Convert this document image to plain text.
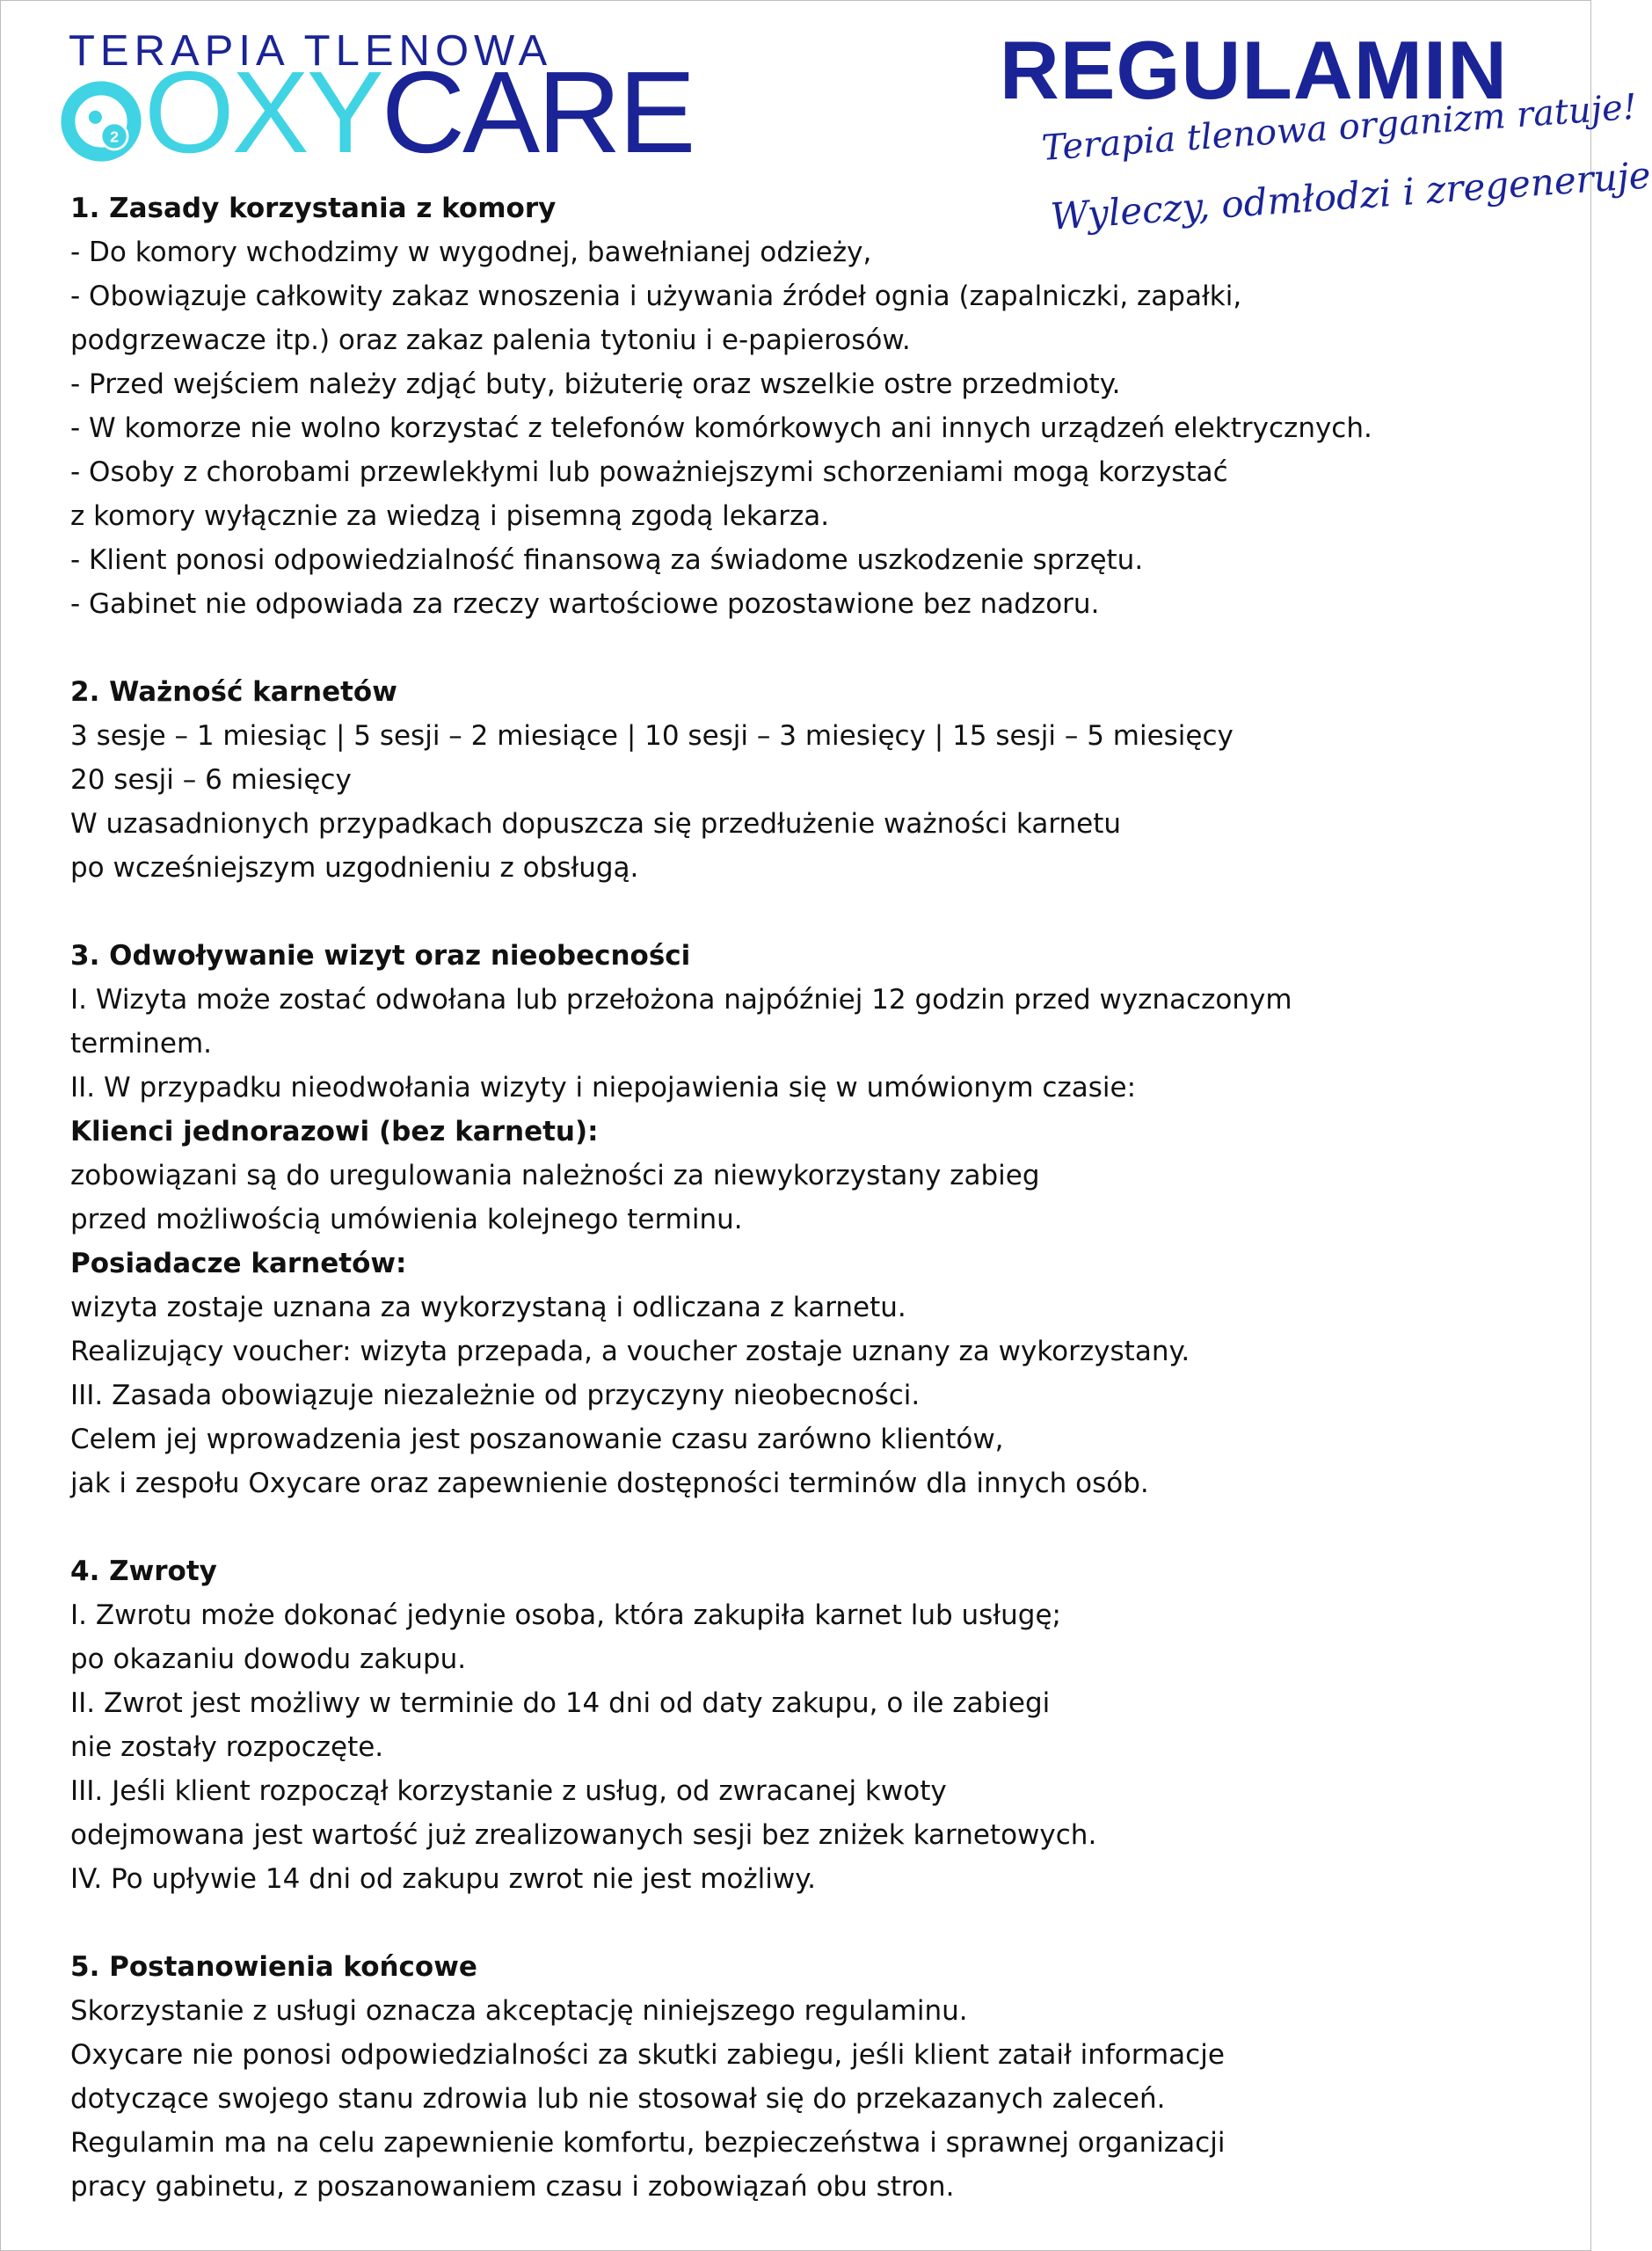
TERAPIA TLENOWA
2 OXY CARE	REGULAMIN
Terapia tlenowa organizm ratuje!
Wyleczy, odmłodzi i zregeneruje
1. Zasady korzystania z komory
- Do komory wchodzimy w wygodnej, bawełnianej odzieży,
- Obowiązuje całkowity zakaz wnoszenia i używania źródeł ognia (zapalniczki, zapałki,
podgrzewacze itp.) oraz zakaz palenia tytoniu i e-papierosów.
- Przed wejściem należy zdjąć buty, biżuterię oraz wszelkie ostre przedmioty.
- W komorze nie wolno korzystać z telefonów komórkowych ani innych urządzeń elektrycznych.
- Osoby z chorobami przewlekłymi lub poważniejszymi schorzeniami mogą korzystać
z komory wyłącznie za wiedzą i pisemną zgodą lekarza.
- Klient ponosi odpowiedzialność finansową za świadome uszkodzenie sprzętu.
- Gabinet nie odpowiada za rzeczy wartościowe pozostawione bez nadzoru.
2. Ważność karnetów
3 sesje – 1 miesiąc | 5 sesji – 2 miesiące | 10 sesji – 3 miesięcy | 15 sesji – 5 miesięcy
20 sesji – 6 miesięcy
W uzasadnionych przypadkach dopuszcza się przedłużenie ważności karnetu
po wcześniejszym uzgodnieniu z obsługą.
3. Odwoływanie wizyt oraz nieobecności
I. Wizyta może zostać odwołana lub przełożona najpóźniej 12 godzin przed wyznaczonym
terminem.
II. W przypadku nieodwołania wizyty i niepojawienia się w umówionym czasie:
Klienci jednorazowi (bez karnetu):
zobowiązani są do uregulowania należności za niewykorzystany zabieg
przed możliwością umówienia kolejnego terminu.
Posiadacze karnetów:
wizyta zostaje uznana za wykorzystaną i odliczana z karnetu.
Realizujący voucher: wizyta przepada, a voucher zostaje uznany za wykorzystany.
III. Zasada obowiązuje niezależnie od przyczyny nieobecności.
Celem jej wprowadzenia jest poszanowanie czasu zarówno klientów,
jak i zespołu Oxycare oraz zapewnienie dostępności terminów dla innych osób.
4. Zwroty
I. Zwrotu może dokonać jedynie osoba, która zakupiła karnet lub usługę;
po okazaniu dowodu zakupu.
II. Zwrot jest możliwy w terminie do 14 dni od daty zakupu, o ile zabiegi
nie zostały rozpoczęte.
III. Jeśli klient rozpoczął korzystanie z usług, od zwracanej kwoty
odejmowana jest wartość już zrealizowanych sesji bez zniżek karnetowych.
IV. Po upływie 14 dni od zakupu zwrot nie jest możliwy.
5. Postanowienia końcowe
Skorzystanie z usługi oznacza akceptację niniejszego regulaminu.
Oxycare nie ponosi odpowiedzialności za skutki zabiegu, jeśli klient zataił informacje
dotyczące swojego stanu zdrowia lub nie stosował się do przekazanych zaleceń.
Regulamin ma na celu zapewnienie komfortu, bezpieczeństwa i sprawnej organizacji
pracy gabinetu, z poszanowaniem czasu i zobowiązań obu stron.
